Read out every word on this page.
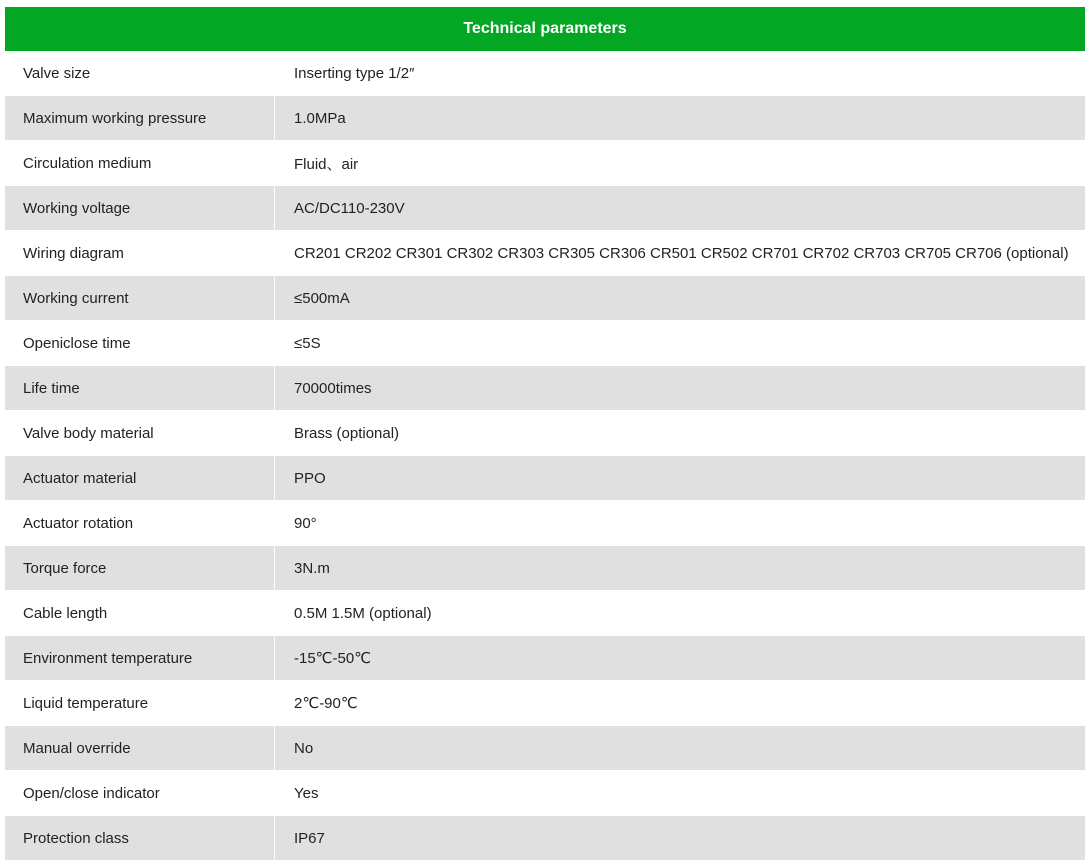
Technical parameters
Valve size	Inserting type 1/2″
Maximum working pressure	1.0MPa
Circulation medium	Fluid、air
Working voltage	AC/DC110-230V
Wiring diagram	CR201 CR202 CR301 CR302 CR303 CR305 CR306 CR501 CR502 CR701 CR702 CR703 CR705 CR706 (optional)
Working current	≤500mA
Openiclose time	≤5S
Life time	70000times
Valve body material	Brass (optional)
Actuator material	PPO
Actuator rotation	90°
Torque force	3N.m
Cable length	0.5M 1.5M (optional)
Environment temperature	-15℃-50℃
Liquid temperature	2℃-90℃
Manual override	No
Open/close indicator	Yes
Protection class	IP67
